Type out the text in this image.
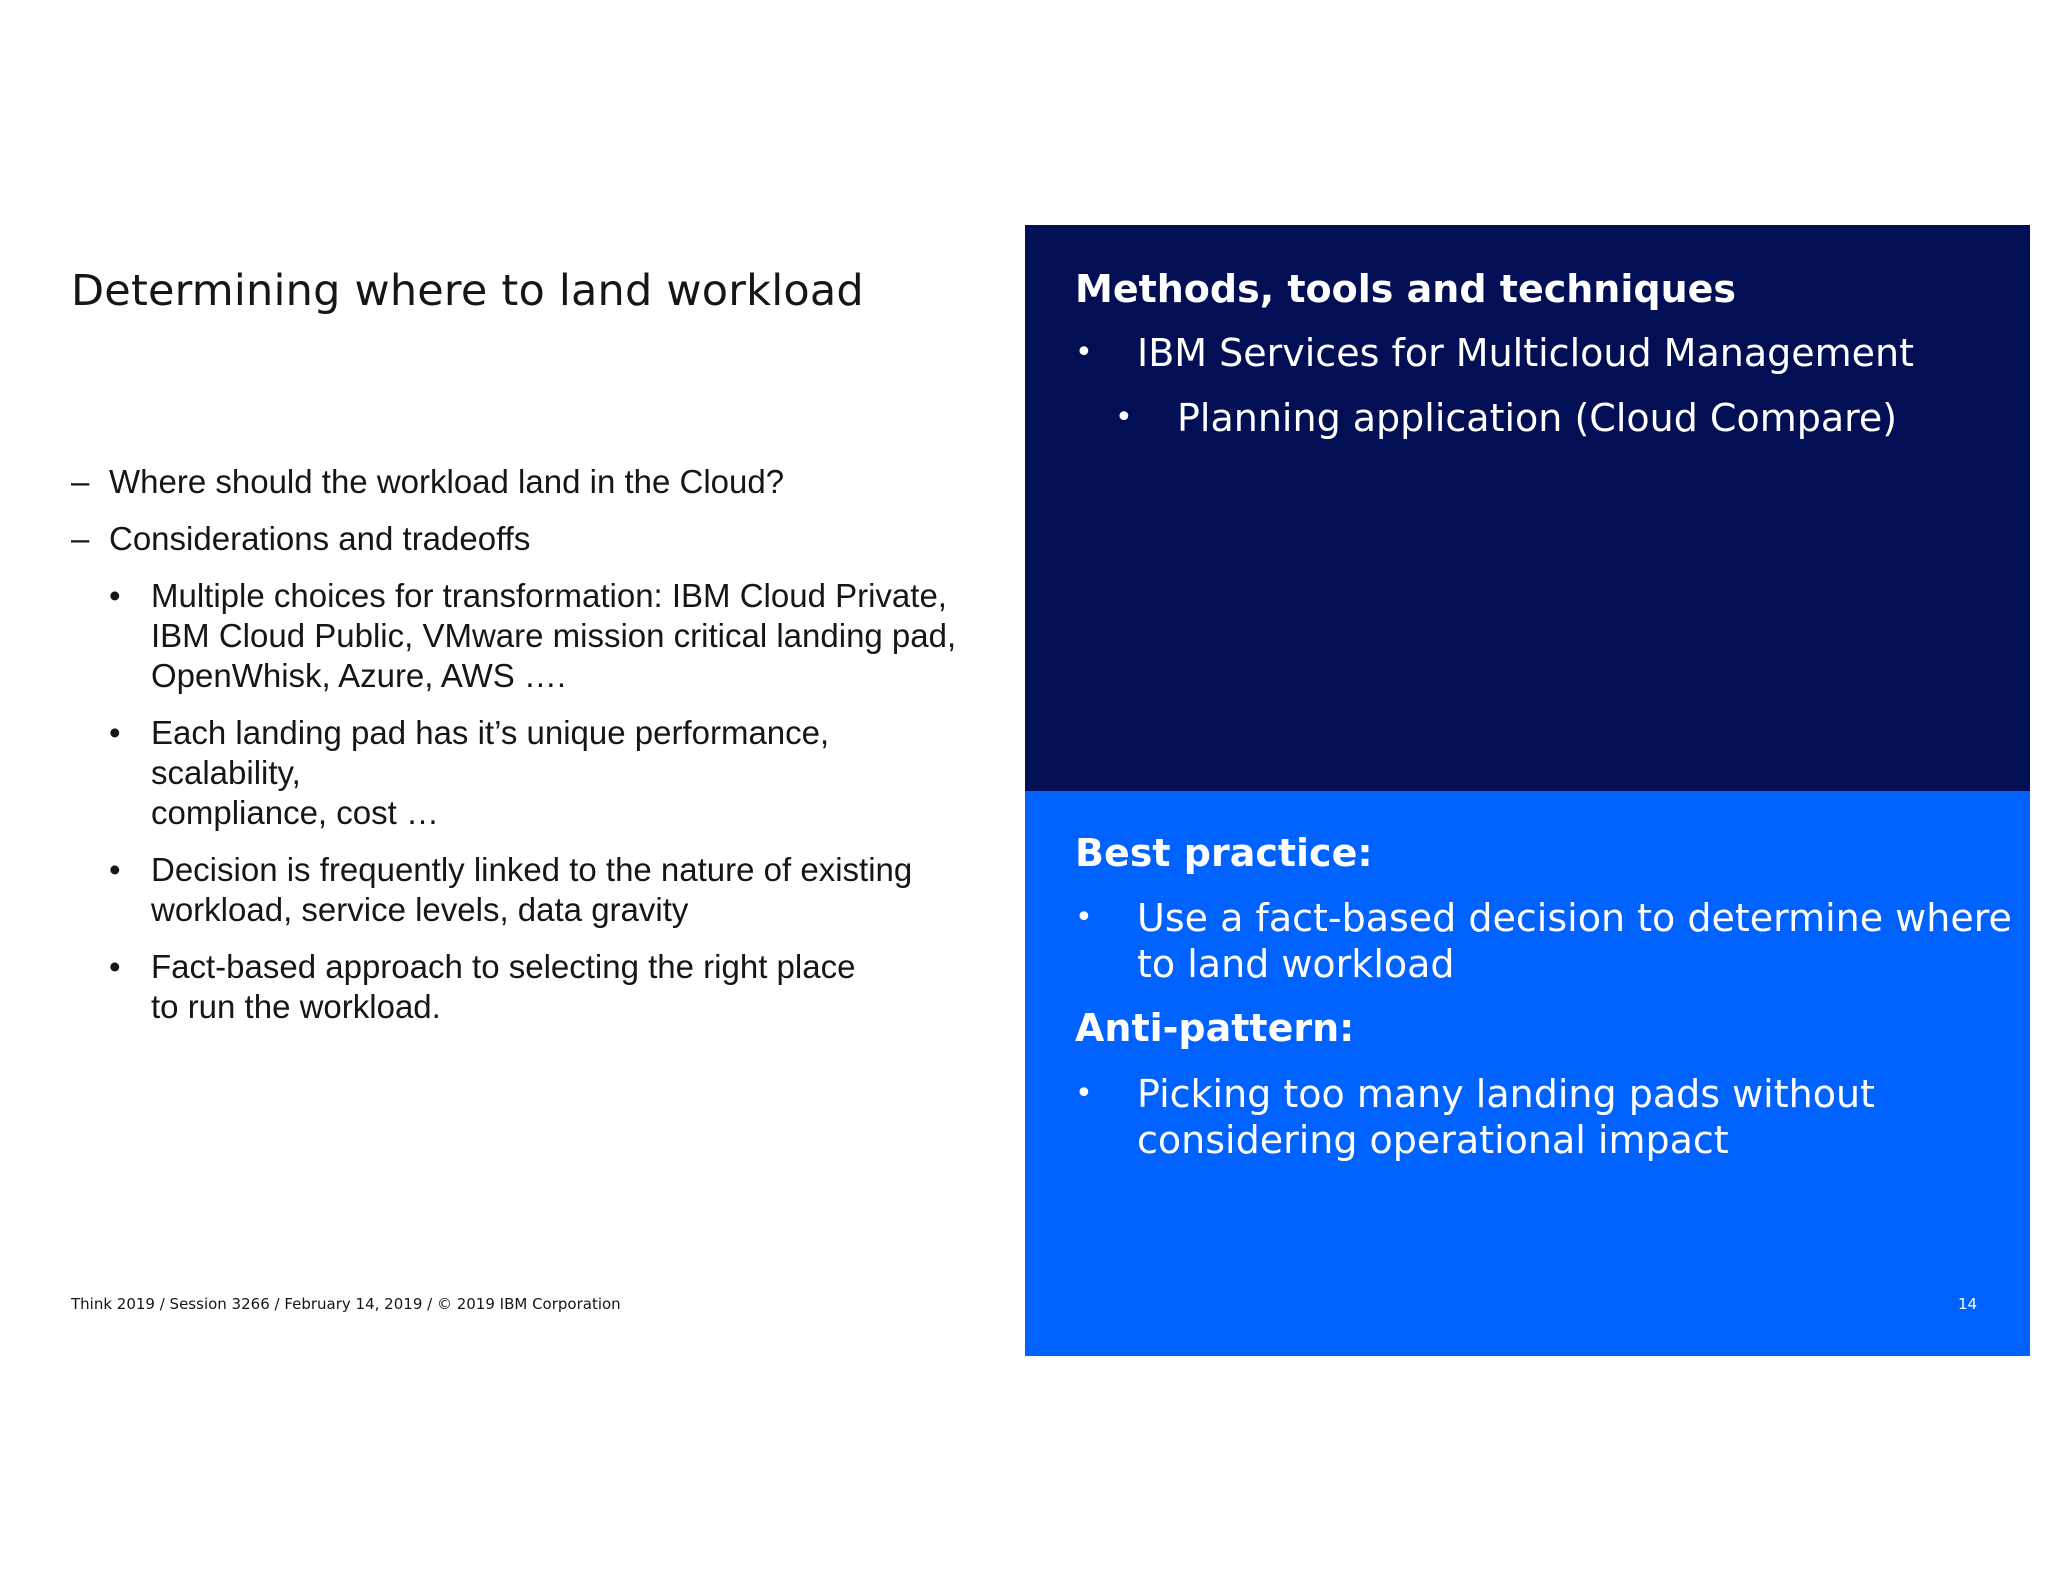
Determining where to land workload
– Where should the workload land in the Cloud?
– Considerations and tradeoffs
• Multiple choices for transformation: IBM Cloud Private,
IBM Cloud Public, VMware mission critical landing pad,
OpenWhisk, Azure, AWS ….
• Each landing pad has it’s unique performance, scalability,
compliance, cost …
• Decision is frequently linked to the nature of existing
workload, service levels, data gravity
• Fact-based approach to selecting the right place
to run the workload.
Methods, tools and techniques
• IBM Services for Multicloud Management
• Planning application (Cloud Compare)
Best practice:
• Use a fact-based decision to determine where
to land workload
Anti-pattern:
• Picking too many landing pads without
considering operational impact
Think 2019 / Session 3266 / February 14, 2019 / © 2019 IBM Corporation	14
